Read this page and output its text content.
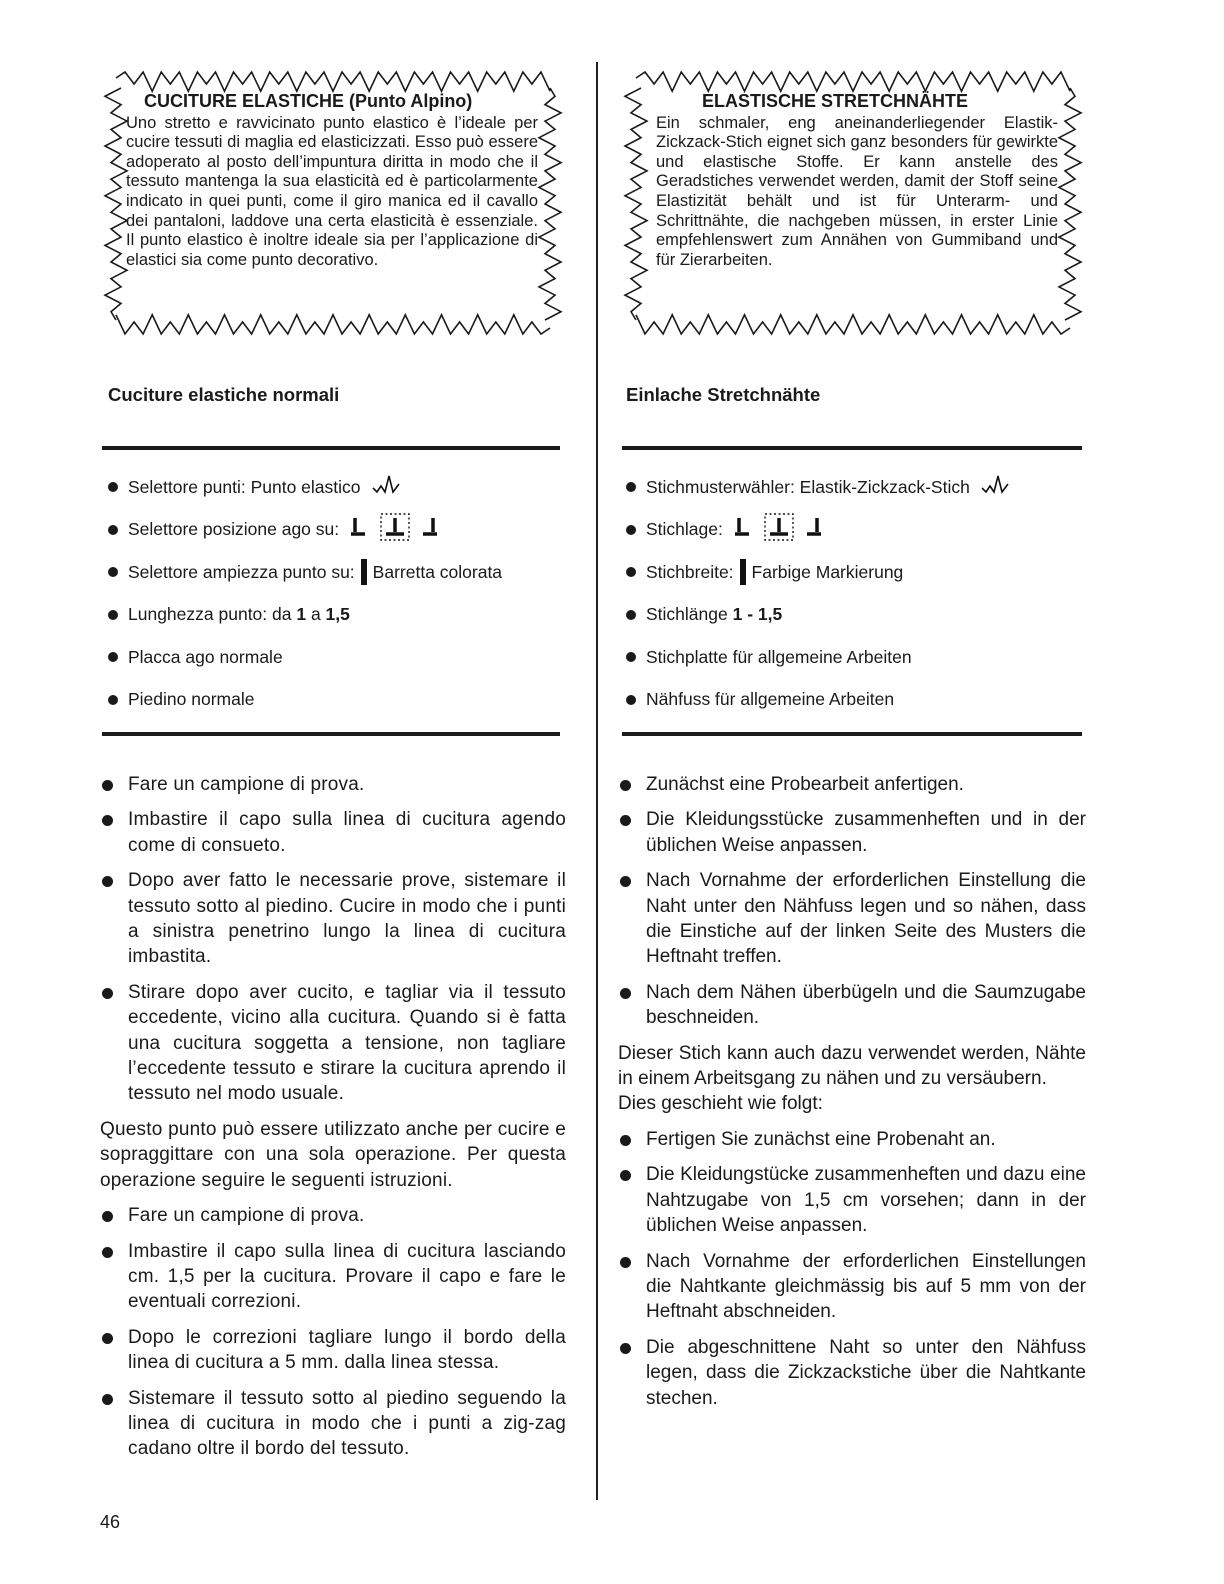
CUCITURE ELASTICHE (Punto Alpino)
Uno stretto e ravvicinato punto elastico è l’ideale per cucire tessuti di maglia ed elasticizzati. Esso può essere adoperato al posto dell’impuntura diritta in modo che il tessuto mantenga la sua elasticità ed è particolarmente indicato in quei punti, come il giro manica ed il cavallo dei pantaloni, laddove una certa elasticità è essenziale. Il punto elastico è inoltre ideale sia per l’applicazione di elastici sia come punto decorativo.
Cuciture elastiche normali
Selettore punti: Punto elastico
Selettore posizione ago su:
Selettore ampiezza punto su: Barretta colorata
Lunghezza punto: da 1 a 1,5
Placca ago normale
Piedino normale
Fare un campione di prova.
Imbastire il capo sulla linea di cucitura agendo come di consueto.
Dopo aver fatto le necessarie prove, sistemare il tessuto sotto al piedino. Cucire in modo che i punti a sinistra penetrino lungo la linea di cucitura imbastita.
Stirare dopo aver cucito, e tagliar via il tessuto eccedente, vicino alla cucitura. Quando si è fatta una cucitura soggetta a tensione, non tagliare l’eccedente tessuto e stirare la cucitura aprendo il tessuto nel modo usuale.

Questo punto può essere utilizzato anche per cucire e sopraggittare con una sola operazione. Per questa operazione seguire le seguenti istruzioni.

Fare un campione di prova.
Imbastire il capo sulla linea di cucitura lasciando cm. 1,5 per la cucitura. Provare il capo e fare le eventuali correzioni.
Dopo le correzioni tagliare lungo il bordo della linea di cucitura a 5 mm. dalla linea stessa.
Sistemare il tessuto sotto al piedino seguendo la linea di cucitura in modo che i punti a zig-zag cadano oltre il bordo del tessuto.
ELASTISCHE STRETCHNÄHTE
Ein schmaler, eng aneinanderliegender Elastik-Zickzack-Stich eignet sich ganz besonders für gewirkte und elastische Stoffe. Er kann anstelle des Geradstiches verwendet werden, damit der Stoff seine Elastizität behält und ist für Unterarm- und Schrittnähte, die nachgeben müssen, in erster Linie empfehlenswert zum Annähen von Gummiband und für Zierarbeiten.
Einlache Stretchnähte
Stichmusterwähler: Elastik-Zickzack-Stich
Stichlage:
Stichbreite: Farbige Markierung
Stichlänge 1 - 1,5
Stichplatte für allgemeine Arbeiten
Nähfuss für allgemeine Arbeiten
Zunächst eine Probearbeit anfertigen.
Die Kleidungsstücke zusammenheften und in der üblichen Weise anpassen.
Nach Vornahme der erforderlichen Einstellung die Naht unter den Nähfuss legen und so nähen, dass die Einstiche auf der linken Seite des Musters die Heftnaht treffen.
Nach dem Nähen überbügeln und die Saumzugabe beschneiden.

Dieser Stich kann auch dazu verwendet werden, Nähte in einem Arbeitsgang zu nähen und zu versäubern.

Dies geschieht wie folgt:

Fertigen Sie zunächst eine Probenaht an.
Die Kleidungstücke zusammenheften und dazu eine Nahtzugabe von 1,5 cm vorsehen; dann in der üblichen Weise anpassen.
Nach Vornahme der erforderlichen Einstellungen die Nahtkante gleichmässig bis auf 5 mm von der Heftnaht abschneiden.
Die abgeschnittene Naht so unter den Nähfuss legen, dass die Zickzackstiche über die Nahtkante stechen.
46
